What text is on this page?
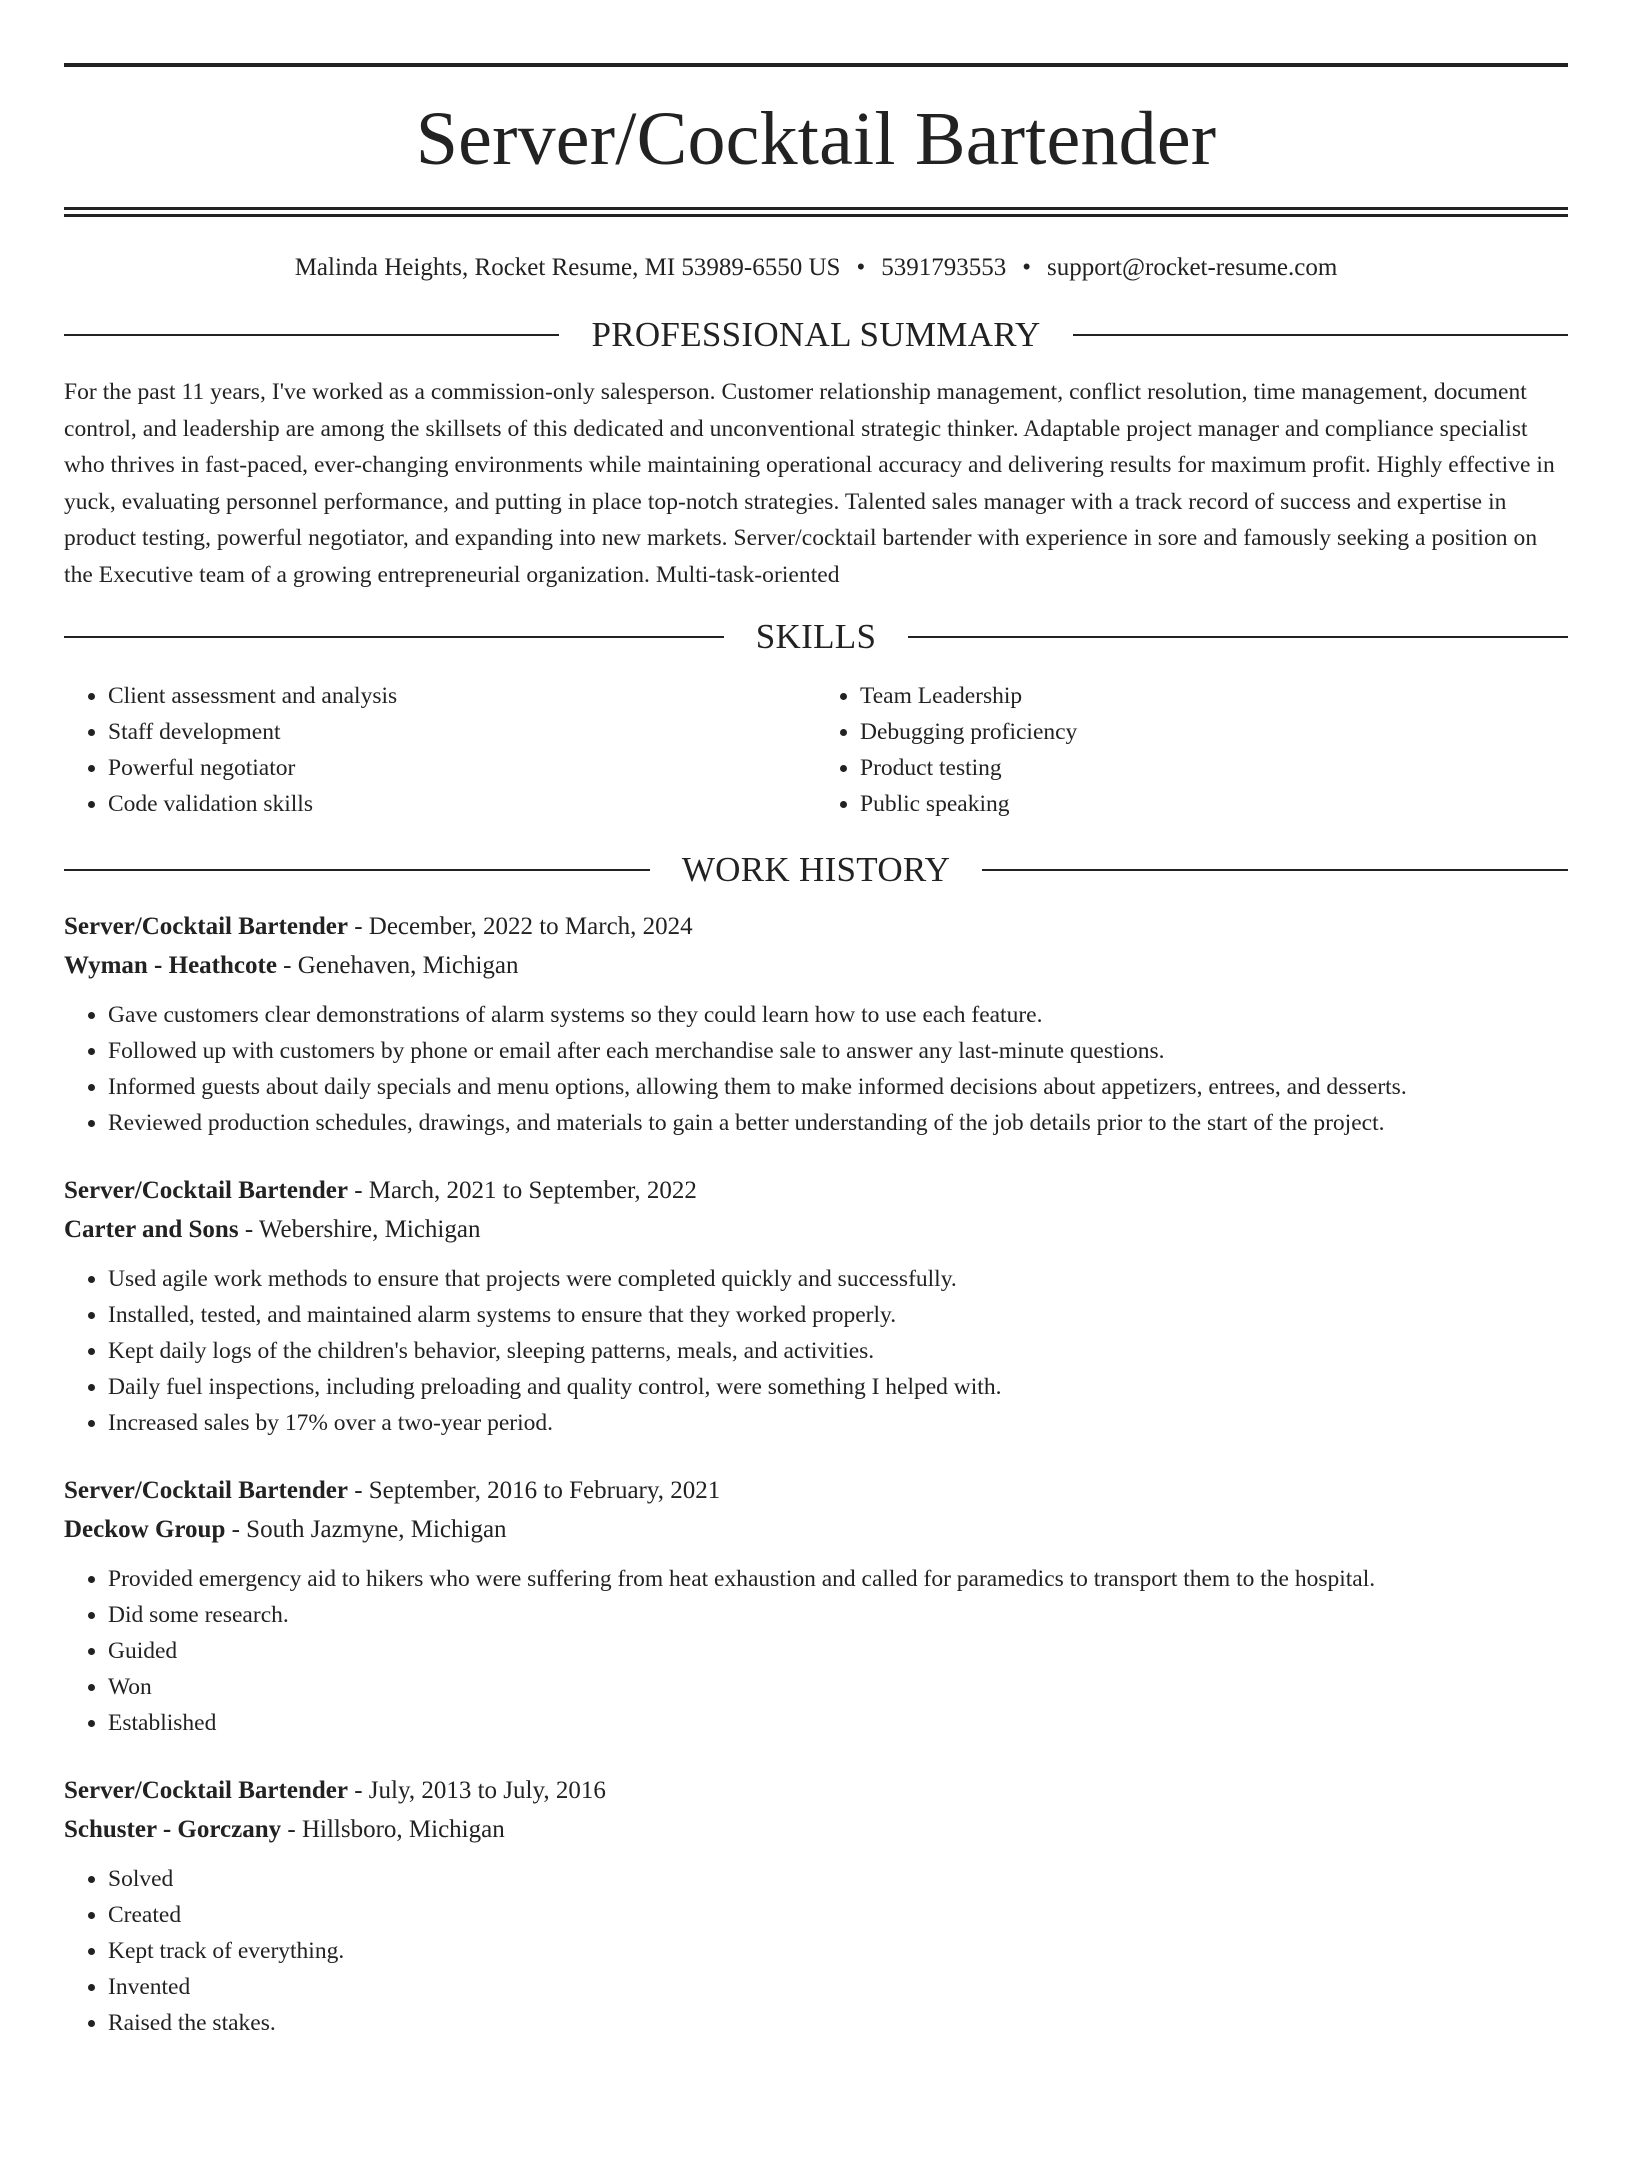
Server/Cocktail Bartender
Malinda Heights, Rocket Resume, MI 53989-6550 US • 5391793553 • support@rocket-resume.com
PROFESSIONAL SUMMARY
For the past 11 years, I've worked as a commission-only salesperson. Customer relationship management, conflict resolution, time management, document control, and leadership are among the skillsets of this dedicated and unconventional strategic thinker. Adaptable project manager and compliance specialist who thrives in fast-paced, ever-changing environments while maintaining operational accuracy and delivering results for maximum profit. Highly effective in yuck, evaluating personnel performance, and putting in place top-notch strategies. Talented sales manager with a track record of success and expertise in product testing, powerful negotiator, and expanding into new markets. Server/cocktail bartender with experience in sore and famously seeking a position on the Executive team of a growing entrepreneurial organization. Multi-task-oriented
SKILLS
• Client assessment and analysis
• Staff development
• Powerful negotiator
• Code validation skills
• Team Leadership
• Debugging proficiency
• Product testing
• Public speaking
WORK HISTORY
Server/Cocktail Bartender - December, 2022 to March, 2024
Wyman - Heathcote - Genehaven, Michigan
• Gave customers clear demonstrations of alarm systems so they could learn how to use each feature.
• Followed up with customers by phone or email after each merchandise sale to answer any last-minute questions.
• Informed guests about daily specials and menu options, allowing them to make informed decisions about appetizers, entrees, and desserts.
• Reviewed production schedules, drawings, and materials to gain a better understanding of the job details prior to the start of the project.
Server/Cocktail Bartender - March, 2021 to September, 2022
Carter and Sons - Webershire, Michigan
• Used agile work methods to ensure that projects were completed quickly and successfully.
• Installed, tested, and maintained alarm systems to ensure that they worked properly.
• Kept daily logs of the children's behavior, sleeping patterns, meals, and activities.
• Daily fuel inspections, including preloading and quality control, were something I helped with.
• Increased sales by 17% over a two-year period.
Server/Cocktail Bartender - September, 2016 to February, 2021
Deckow Group - South Jazmyne, Michigan
• Provided emergency aid to hikers who were suffering from heat exhaustion and called for paramedics to transport them to the hospital.
• Did some research.
• Guided
• Won
• Established
Server/Cocktail Bartender - July, 2013 to July, 2016
Schuster - Gorczany - Hillsboro, Michigan
• Solved
• Created
• Kept track of everything.
• Invented
• Raised the stakes.
